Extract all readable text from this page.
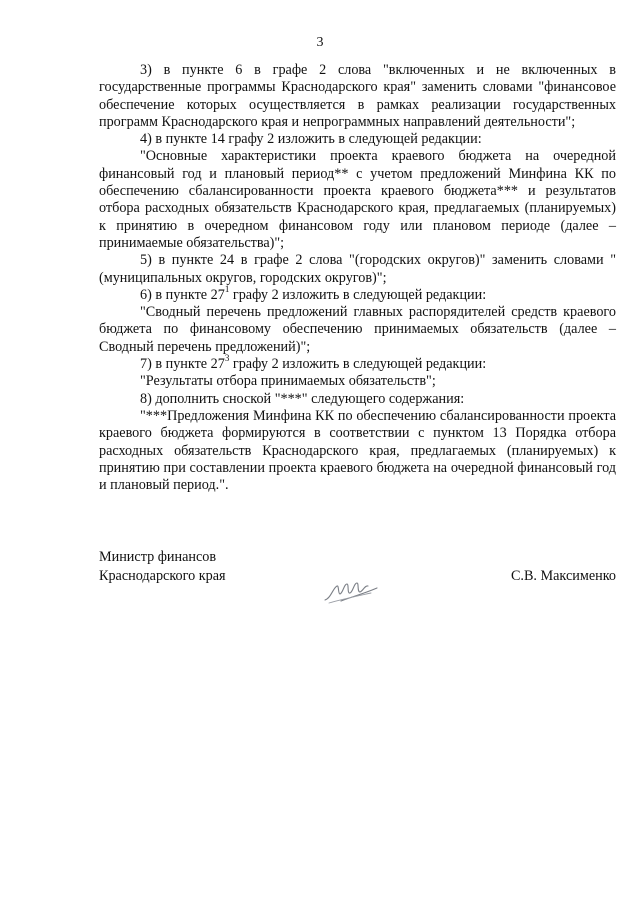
3

3) в пункте 6 в графе 2 слова "включенных и не включенных в государственные программы Краснодарского края" заменить словами "финансовое обеспечение которых осуществляется в рамках реализации государственных программ Краснодарского края и непрограммных направлений деятельности";

4) в пункте 14 графу 2 изложить в следующей редакции:

"Основные характеристики проекта краевого бюджета на очередной финансовый год и плановый период** с учетом предложений Минфина КК по обеспечению сбалансированности проекта краевого бюджета*** и результатов отбора расходных обязательств Краснодарского края, предлагаемых (планируемых) к принятию в очередном финансовом году или плановом периоде (далее – принимаемые обязательства)";

5) в пункте 24 в графе 2 слова "(городских округов)" заменить словами "(муниципальных округов, городских округов)";

6) в пункте $27^1$ графу 2 изложить в следующей редакции:

"Сводный перечень предложений главных распорядителей средств краевого бюджета по финансовому обеспечению принимаемых обязательств (далее – Сводный перечень предложений)";

7) в пункте $27^3$ графу 2 изложить в следующей редакции:

"Результаты отбора принимаемых обязательств";

8) дополнить сноской "***" следующего содержания:

"***Предложения Минфина КК по обеспечению сбалансированности проекта краевого бюджета формируются в соответствии с пунктом 13 Порядка отбора расходных обязательств Краснодарского края, предлагаемых (планируемых) к принятию при составлении проекта краевого бюджета на очередной финансовый год и плановый период.".

Министр финансов

Краснодарского края	С.В. Максименко
